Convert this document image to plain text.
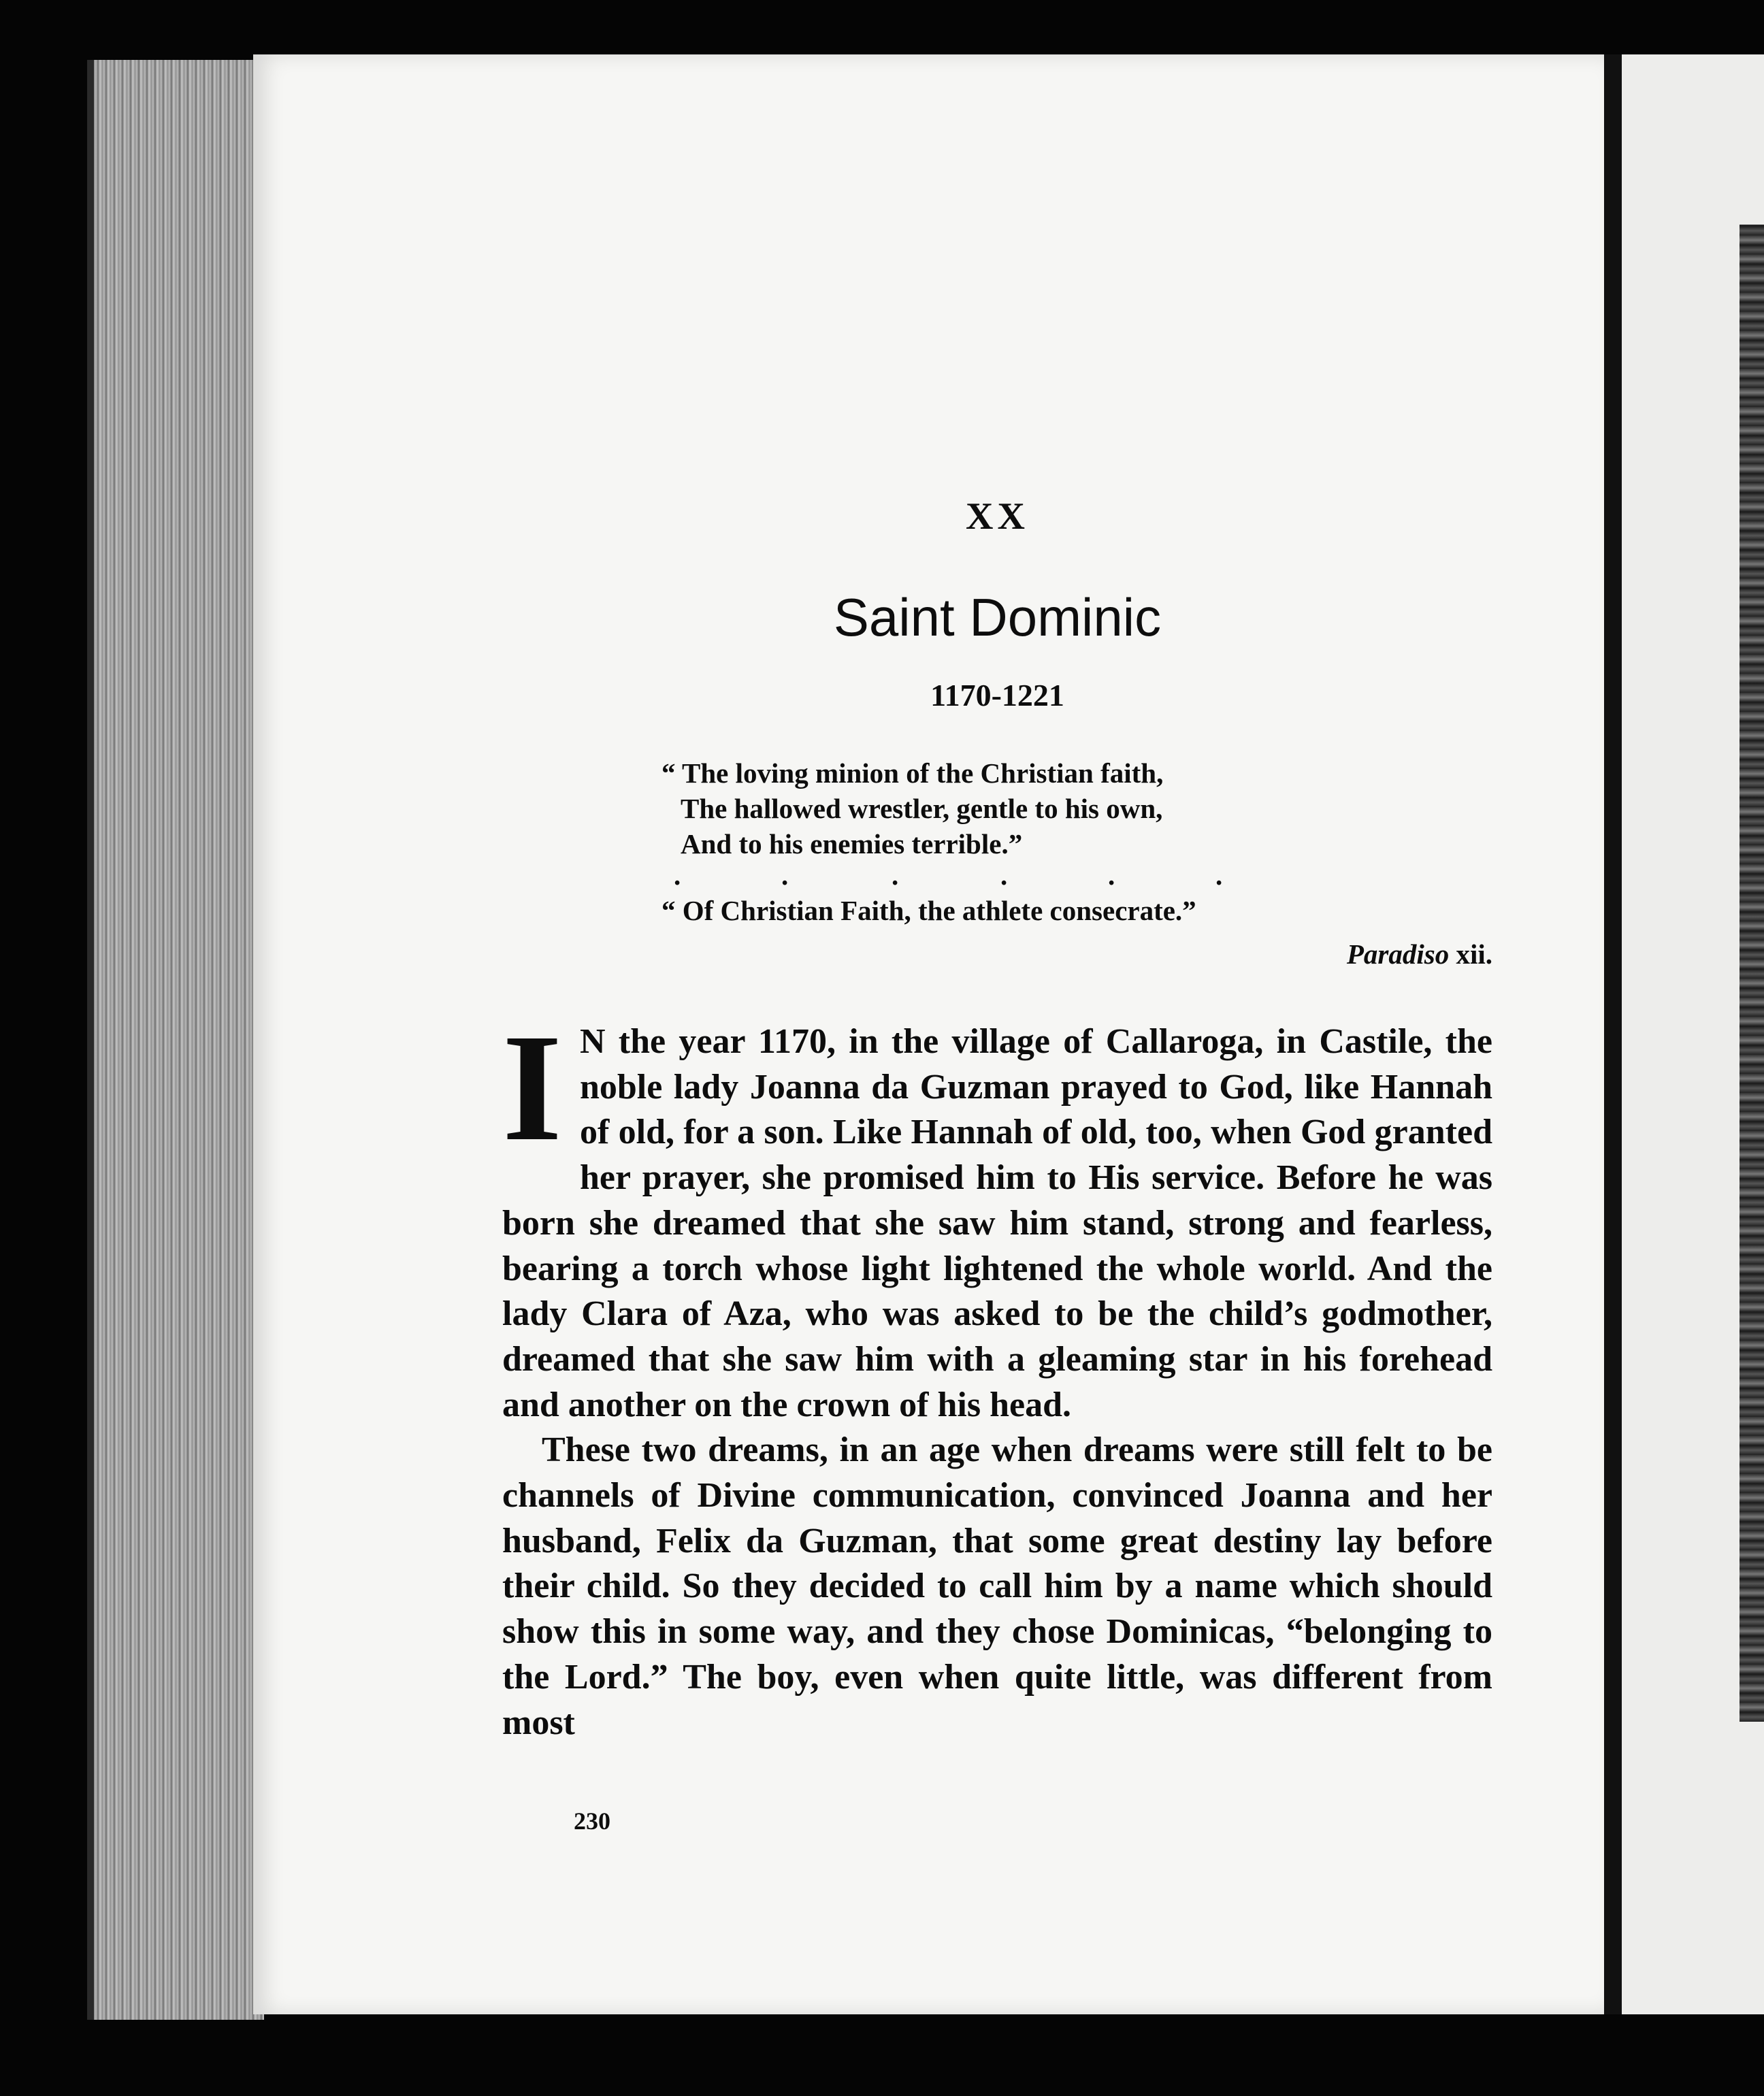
XX
Saint Dominic
1170-1221
“ The loving minion of the Christian faith,
The hallowed wrestler, gentle to his own,
And to his enemies terrible.”
.	.	.	.	.	.
“ Of Christian Faith, the athlete consecrate.”
Paradiso xii.

I N the year 1170, in the village of Callaroga, in Castile, the noble lady Joanna da Guzman prayed to God, like Hannah of old, for a son. Like Hannah of old, too, when God granted her prayer, she promised him to His service. Before he was born she dreamed that she saw him stand, strong and fearless, bearing a torch whose light lightened the whole world. And the lady Clara of Aza, who was asked to be the child’s godmother, dreamed that she saw him with a gleaming star in his forehead and another on the crown of his head.

These two dreams, in an age when dreams were still felt to be channels of Divine communication, convinced Joanna and her husband, Felix da Guzman, that some great destiny lay before their child. So they decided to call him by a name which should show this in some way, and they chose Dominicas, “belonging to the Lord.” The boy, even when quite little, was different from most

230
